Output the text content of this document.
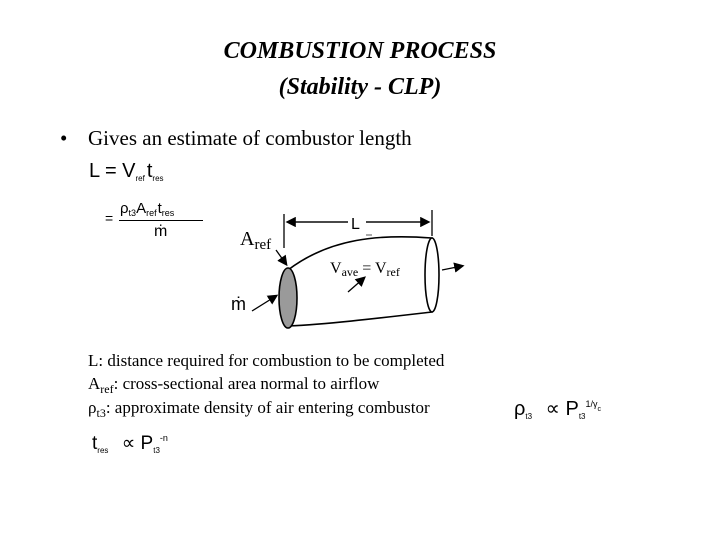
COMBUSTION PROCESS
(Stability - CLP)
• Gives an estimate of combustor length
$L = V_{ref}$ $t_{res}$
=
$\rho_{t3}A_{ref}t_{res}$
ṁ	L
$A_{ref}$
Vave = Vref
ṁ
L: distance required for combustion to be completed
$A_{ref}$: cross-sectional area normal to airflow
$\rho_{t3}$: approximate density of air entering combustor	$\rho_{t3} \propto P_{t3}^{1/\gamma c}$
$t_{res} \propto P_{t3}^{-n}$
